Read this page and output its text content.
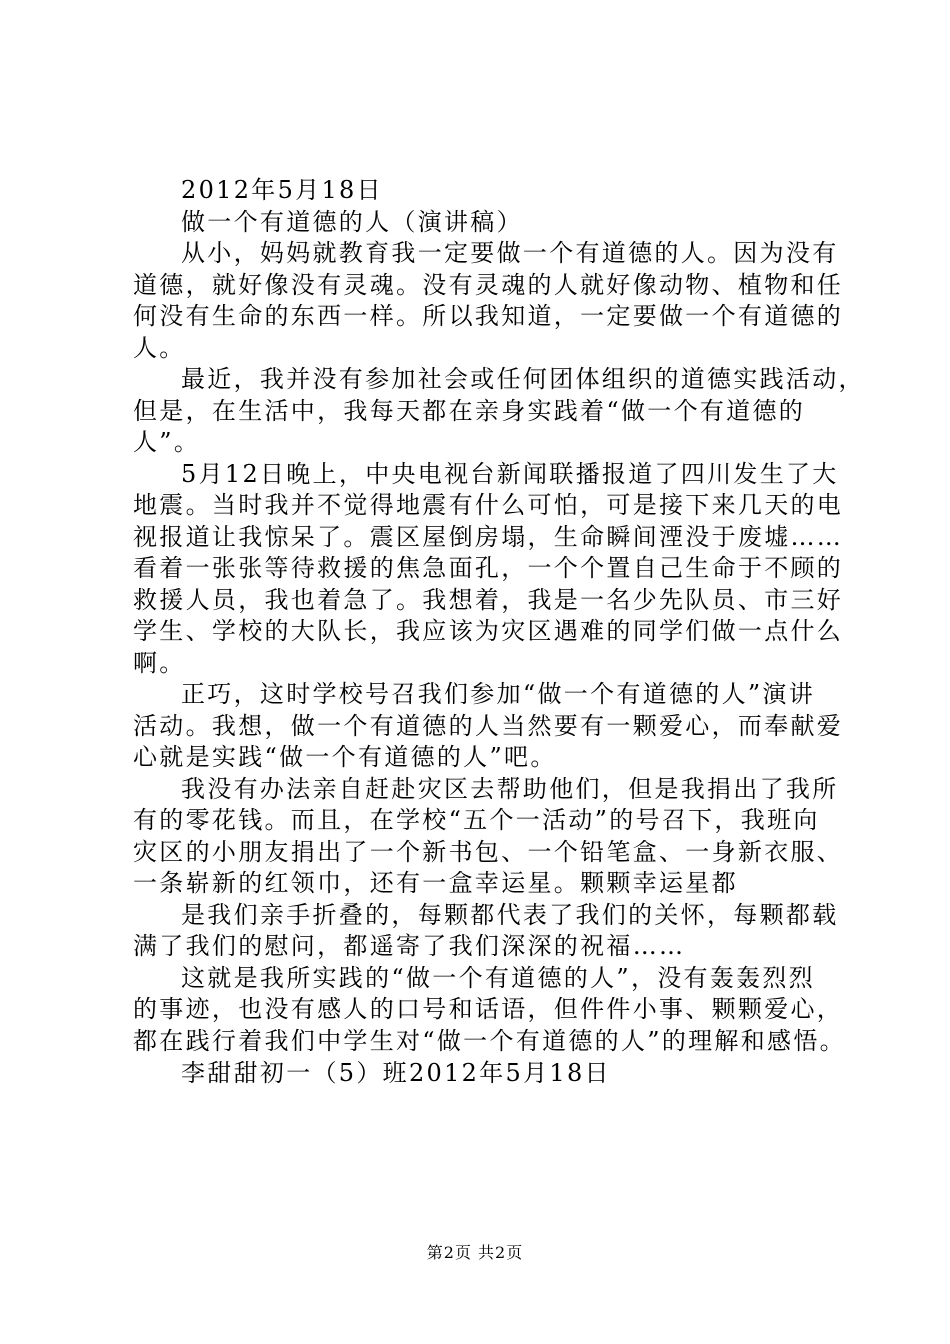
2012年5月18日
做一个有道德的人（演讲稿）
从小，妈妈就教育我一定要做一个有道德的人。因为没有
道德，就好像没有灵魂。没有灵魂的人就好像动物、植物和任
何没有生命的东西一样。所以我知道，一定要做一个有道德的
人。
最近，我并没有参加社会或任何团体组织的道德实践活动，
但是，在生活中，我每天都在亲身实践着“做一个有道德的
人”。
5月12日晚上，中央电视台新闻联播报道了四川发生了大
地震。当时我并不觉得地震有什么可怕，可是接下来几天的电
视报道让我惊呆了。震区屋倒房塌，生命瞬间湮没于废墟……
看着一张张等待救援的焦急面孔，一个个置自己生命于不顾的
救援人员，我也着急了。我想着，我是一名少先队员、市三好
学生、学校的大队长，我应该为灾区遇难的同学们做一点什么
啊。
正巧，这时学校号召我们参加“做一个有道德的人”演讲
活动。我想，做一个有道德的人当然要有一颗爱心，而奉献爱
心就是实践“做一个有道德的人”吧。
我没有办法亲自赶赴灾区去帮助他们，但是我捐出了我所
有的零花钱。而且，在学校“五个一活动”的号召下，我班向
灾区的小朋友捐出了一个新书包、一个铅笔盒、一身新衣服、
一条崭新的红领巾，还有一盒幸运星。颗颗幸运星都
是我们亲手折叠的，每颗都代表了我们的关怀，每颗都载
满了我们的慰问，都遥寄了我们深深的祝福……
这就是我所实践的“做一个有道德的人”，没有轰轰烈烈
的事迹，也没有感人的口号和话语，但件件小事、颗颗爱心，
都在践行着我们中学生对“做一个有道德的人”的理解和感悟。
李甜甜初一（5）班2012年5月18日
第2页 共2页
